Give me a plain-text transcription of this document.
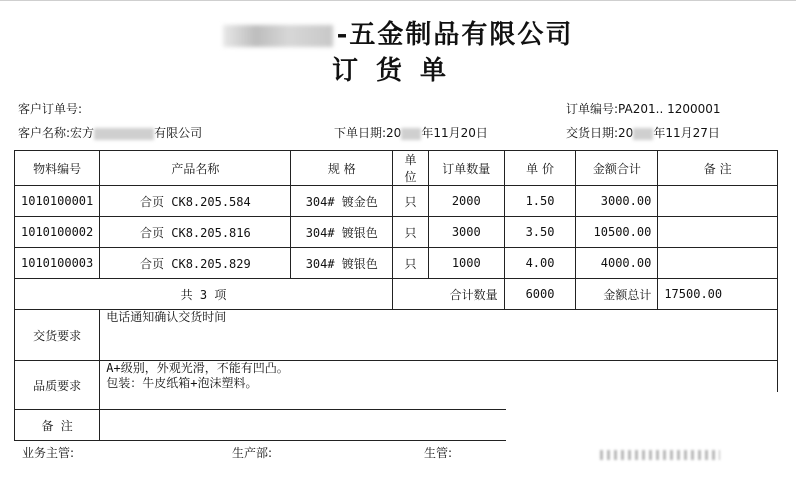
-五金制品有限公司
订货单
客户订单号:	订单编号:PA201.. 1200001
客户名称:宏方	有限公司	下单日期:20 年11月20日	交货日期:20 年11月27日
物料编号	产品名称	规 格	单位	订单数量	单 价	金额合计	备 注
1010100001	合页 CK8.205.584	304# 镀金色	只	2000	1.50	3000.00	
1010100002	合页 CK8.205.816	304# 镀银色	只	3000	3.50	10500.00	
1010100003	合页 CK8.205.829	304# 镀银色	只	1000	4.00	4000.00	
共 3 项			合计数量		6000	金额总计	17500.00
交货要求	电话通知确认交货时间						
品质要求	A+级别，外观光滑，不能有凹凸。
包装：牛皮纸箱+泡沫塑料。						

备 注							
业务主管:	生产部:	生管:
